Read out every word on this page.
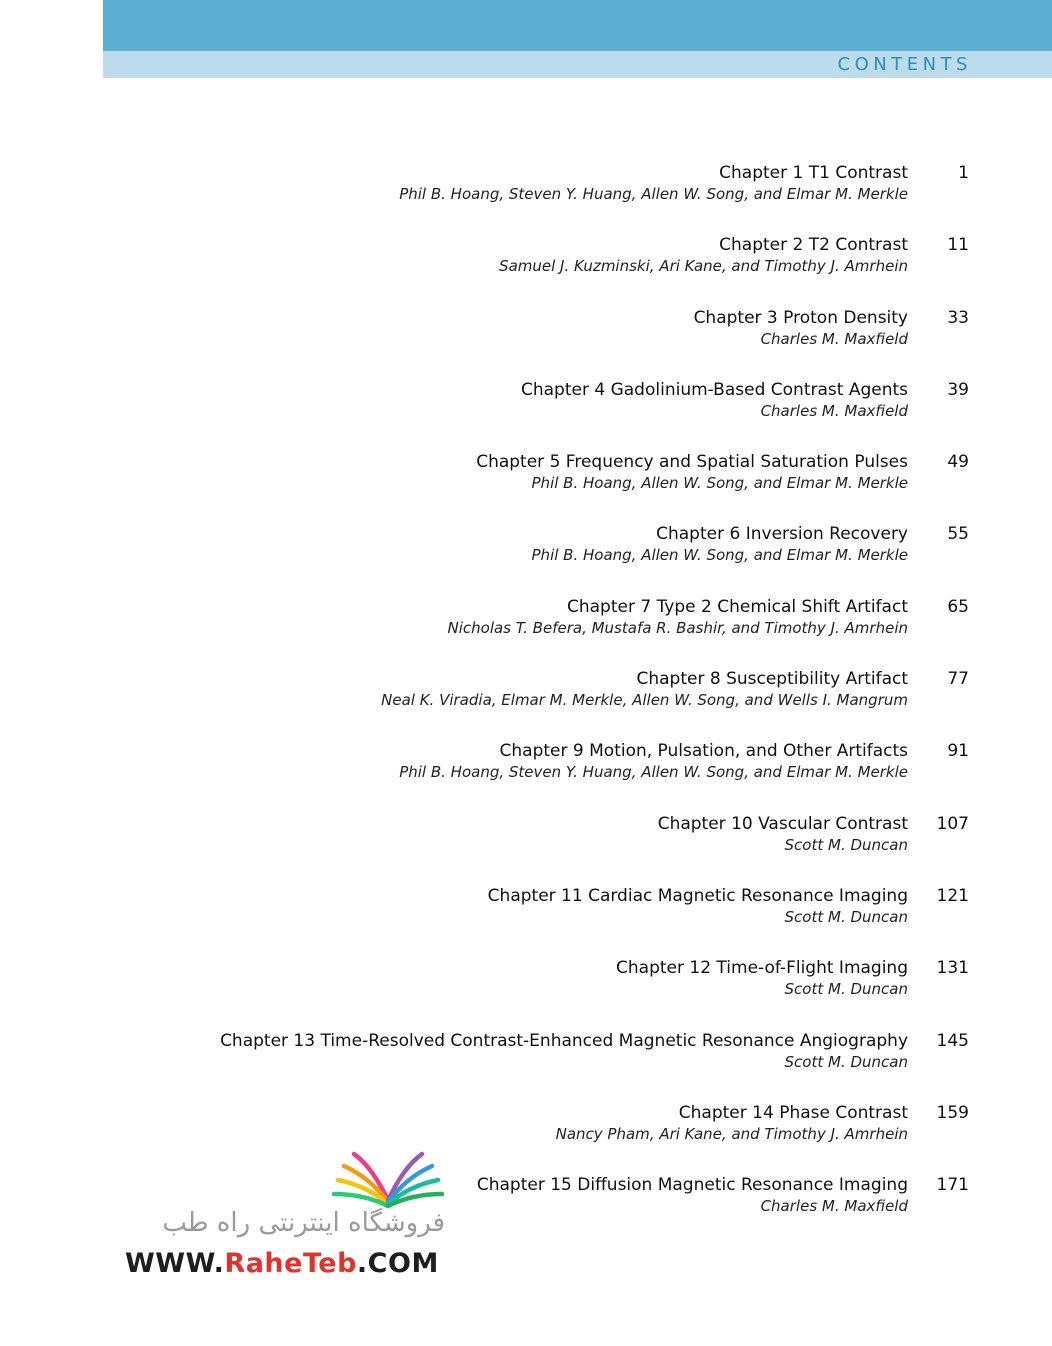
CONTENTS
Chapter 1 T1 Contrast
Phil B. Hoang, Steven Y. Huang, Allen W. Song, and Elmar M. Merkle
1
Chapter 2 T2 Contrast
Samuel J. Kuzminski, Ari Kane, and Timothy J. Amrhein
11
Chapter 3 Proton Density
Charles M. Maxfield
33
Chapter 4 Gadolinium-Based Contrast Agents
Charles M. Maxfield
39
Chapter 5 Frequency and Spatial Saturation Pulses
Phil B. Hoang, Allen W. Song, and Elmar M. Merkle
49
Chapter 6 Inversion Recovery
Phil B. Hoang, Allen W. Song, and Elmar M. Merkle
55
Chapter 7 Type 2 Chemical Shift Artifact
Nicholas T. Befera, Mustafa R. Bashir, and Timothy J. Amrhein
65
Chapter 8 Susceptibility Artifact
Neal K. Viradia, Elmar M. Merkle, Allen W. Song, and Wells I. Mangrum
77
Chapter 9 Motion, Pulsation, and Other Artifacts
Phil B. Hoang, Steven Y. Huang, Allen W. Song, and Elmar M. Merkle
91
Chapter 10 Vascular Contrast
Scott M. Duncan
107
Chapter 11 Cardiac Magnetic Resonance Imaging
Scott M. Duncan
121
Chapter 12 Time-of-Flight Imaging
Scott M. Duncan
131
Chapter 13 Time-Resolved Contrast-Enhanced Magnetic Resonance Angiography
Scott M. Duncan
145
Chapter 14 Phase Contrast
Nancy Pham, Ari Kane, and Timothy J. Amrhein
159
Chapter 15 Diffusion Magnetic Resonance Imaging
Charles M. Maxfield
171
فروشگاه اینترنتی راه طب
WWW.RaheTeb.COM
